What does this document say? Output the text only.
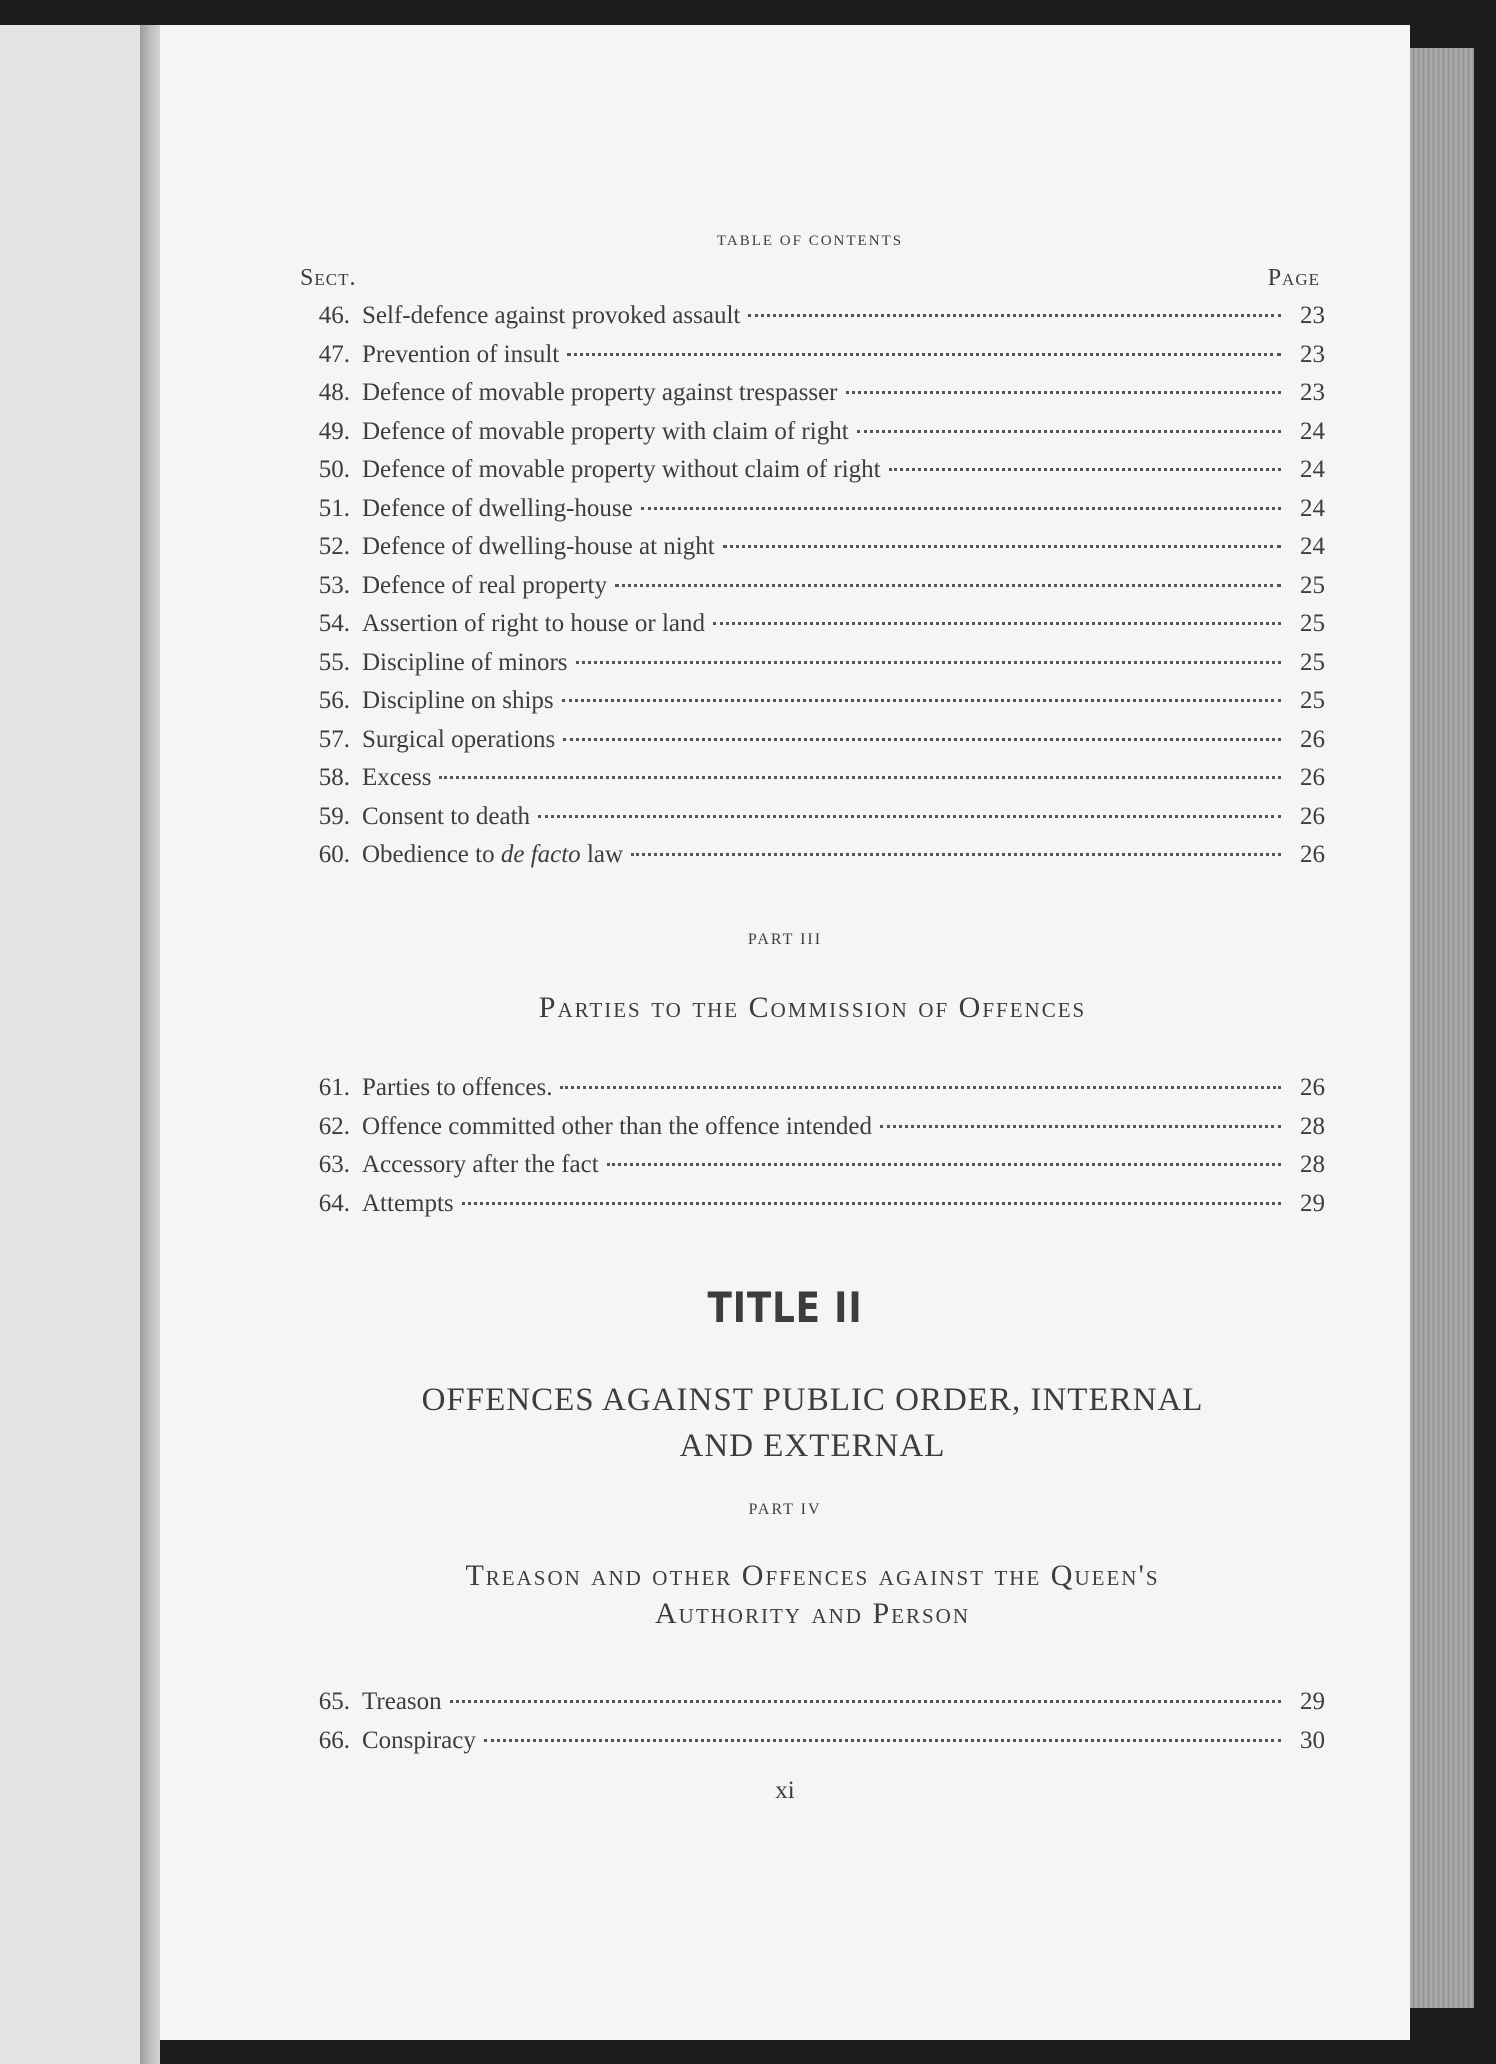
TABLE OF CONTENTS
Sect.	Page
46. Self-defence against provoked assault	23
47. Prevention of insult	23
48. Defence of movable property against trespasser	23
49. Defence of movable property with claim of right	24
50. Defence of movable property without claim of right	24
51. Defence of dwelling-house	24
52. Defence of dwelling-house at night	24
53. Defence of real property	25
54. Assertion of right to house or land	25
55. Discipline of minors	25
56. Discipline on ships	25
57. Surgical operations	26
58. Excess	26
59. Consent to death	26
60. Obedience to de facto law	26
PART III
Parties to the Commission of Offences
61. Parties to offences.	26
62. Offence committed other than the offence intended	28
63. Accessory after the fact	28
64. Attempts	29
TITLE II
OFFENCES AGAINST PUBLIC ORDER, INTERNAL
AND EXTERNAL
PART IV
Treason and other Offences against the Queen's
Authority and Person
65. Treason	29
66. Conspiracy	30
xi
